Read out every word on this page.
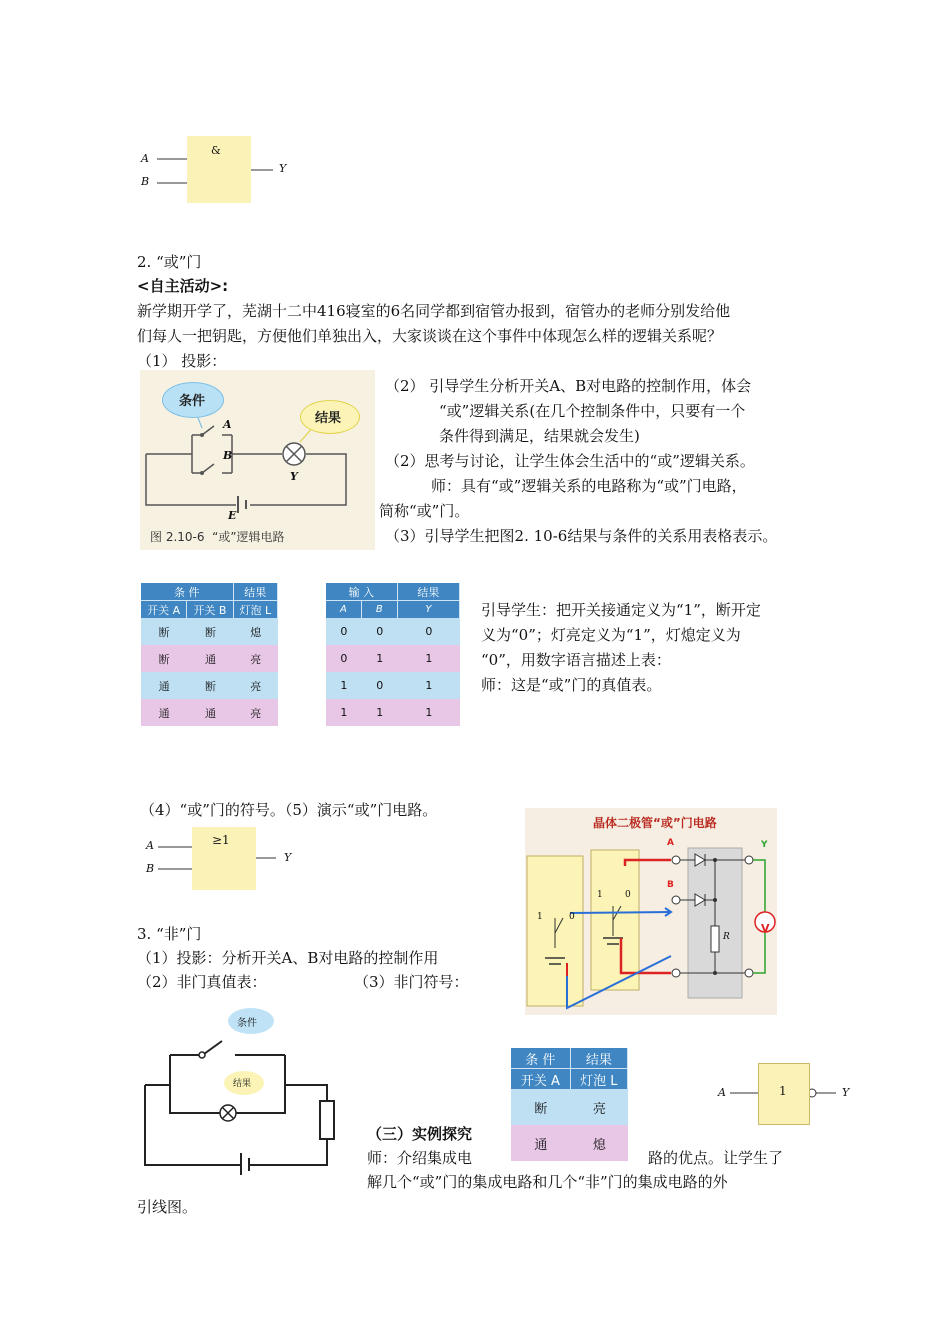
A
B
&
Y
2. “或”门
<自主活动>:
新学期开学了，芜湖十二中416寝室的6名同学都到宿管办报到，宿管办的老师分别发给他
们每人一把钥匙，方便他们单独出入，大家谈谈在这个事件中体现怎么样的逻辑关系呢？
（1） 投影：
条件
结果
A
B
Y
E
图 2.10-6  “或”逻辑电路
（2） 引导学生分析开关A、B对电路的控制作用，体会
“或”逻辑关系(在几个控制条件中，只要有一个
条件得到满足，结果就会发生)
（2）思考与讨论，让学生体会生活中的“或”逻辑关系。
师：具有“或”逻辑关系的电路称为“或”门电路，
简称“或”门。
（3）引导学生把图2. 10-6结果与条件的关系用表格表示。
条 件		结果
开关 A	开关 B	灯泡 L
断	断	熄
断	通	亮
通	断	亮
通	通	亮
输 入		结果
A	B	Y
0	0	0
0	1	1
1	0	1
1	1	1
引导学生：把开关接通定义为“1”，断开定
义为“0”；灯亮定义为“1”，灯熄定义为
“0”，用数字语言描述上表：
师：这是“或”门的真值表。
（4）“或”门的符号。（5）演示“或”门电路。
A
B
≥1
Y
晶体二极管“或”门电路
A
B
Y
R
V
1	0
1 0
3. “非”门
（1）投影：分析开关A、B对电路的控制作用
（2）非门真值表：	（3）非门符号：
条件
结果
条 件	结果
开关 A	灯泡 L
断	亮
通	熄
A	1	Y
（三）实例探究
师：介绍集成电	路的优点。让学生了
解几个“或”门的集成电路和几个“非”门的集成电路的外
引线图。
